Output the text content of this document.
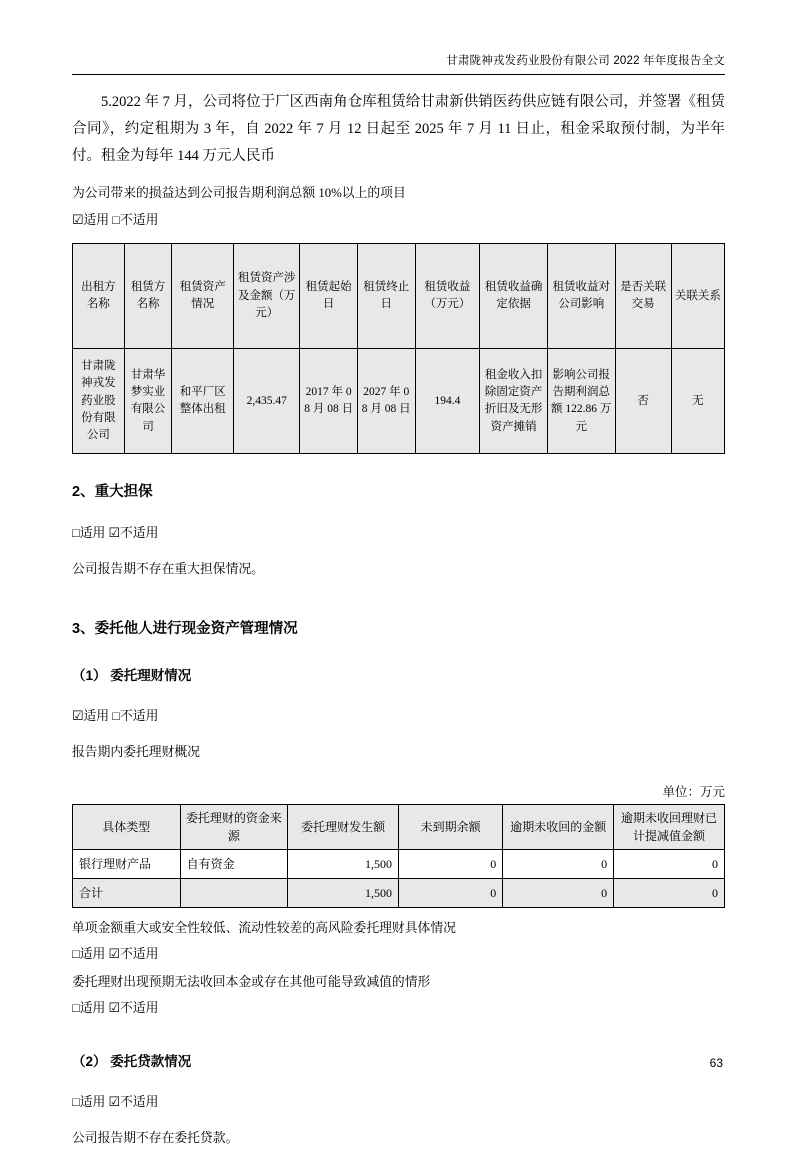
甘肃陇神戎发药业股份有限公司 2022 年年度报告全文

5.2022 年 7 月，公司将位于厂区西南角仓库租赁给甘肃新供销医药供应链有限公司，并签署《租赁合同》，约定租期为 3 年，自 2022 年 7 月 12 日起至 2025 年 7 月 11 日止，租金采取预付制，为半年付。租金为每年 144 万元人民币

为公司带来的损益达到公司报告期利润总额 10%以上的项目

☑适用 □不适用

出租方名称	租赁方名称	租赁资产情况	租赁资产涉及金额（万元）	租赁起始日	租赁终止日	租赁收益（万元）	租赁收益确定依据	租赁收益对公司影响	是否关联交易	关联关系
甘肃陇神戎发药业股份有限公司	甘肃华梦实业有限公司	和平厂区整体出租	2,435.47	2017 年 08 月 08 日	2027 年 08 月 08 日	194.4	租金收入扣除固定资产折旧及无形资产摊销	影响公司报告期利润总额 122.86 万元	否	无

2、重大担保

□适用 ☑不适用

公司报告期不存在重大担保情况。

3、委托他人进行现金资产管理情况

（1） 委托理财情况

☑适用 □不适用

报告期内委托理财概况

单位：万元

具体类型	委托理财的资金来源	委托理财发生额	未到期余额	逾期未收回的金额	逾期未收回理财已计提减值金额
银行理财产品	自有资金	1,500	0	0	0
合计		1,500	0	0	0

单项金额重大或安全性较低、流动性较差的高风险委托理财具体情况

□适用 ☑不适用

委托理财出现预期无法收回本金或存在其他可能导致减值的情形

□适用 ☑不适用

（2） 委托贷款情况

□适用 ☑不适用

公司报告期不存在委托贷款。

63
